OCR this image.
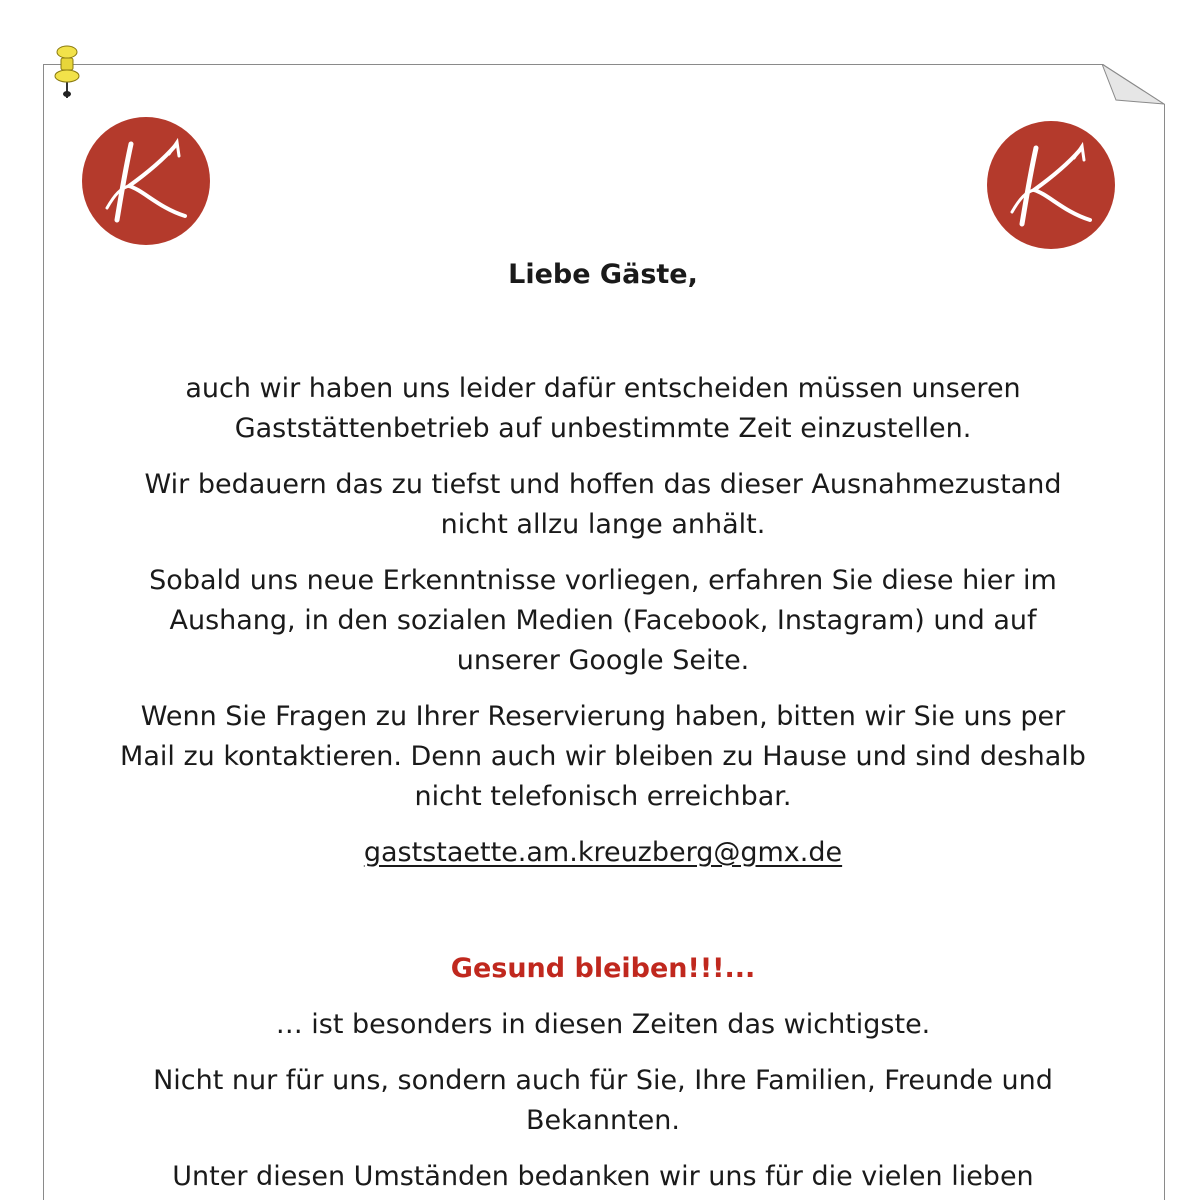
Liebe Gäste,

auch wir haben uns leider dafür entscheiden müssen unseren Gaststättenbetrieb auf unbestimmte Zeit einzustellen.

Wir bedauern das zu tiefst und hoffen das dieser Ausnahmezustand nicht allzu lange anhält.

Sobald uns neue Erkenntnisse vorliegen, erfahren Sie diese hier im Aushang, in den sozialen Medien (Facebook, Instagram) und auf unserer Google Seite.

Wenn Sie Fragen zu Ihrer Reservierung haben, bitten wir Sie uns per Mail zu kontaktieren. Denn auch wir bleiben zu Hause und sind deshalb nicht telefonisch erreichbar.

gaststaette.am.kreuzberg@gmx.de

Gesund bleiben!!!...

… ist besonders in diesen Zeiten das wichtigste.

Nicht nur für uns, sondern auch für Sie, Ihre Familien, Freunde und Bekannten.

Unter diesen Umständen bedanken wir uns für die vielen lieben
